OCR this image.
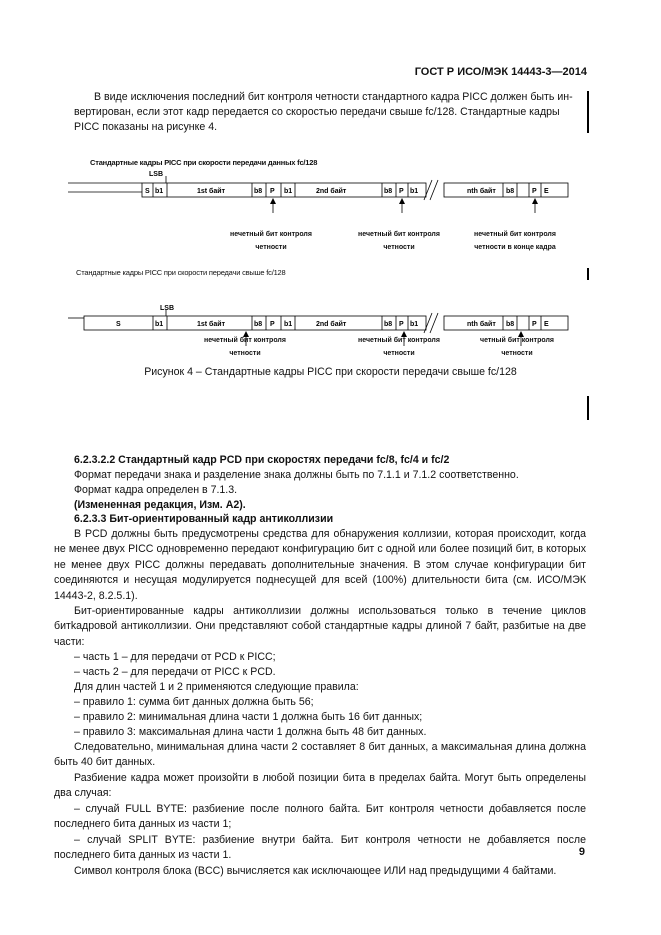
ГОСТ Р ИСО/МЭК 14443-3—2014
В виде исключения последний бит контроля четности стандартного кадра PICC должен быть ин-
вертирован, если этот кадр передается со скоростью передачи свыше fc/128. Стандартные кадры
PICC показаны на рисунке 4.
Стандартные кадры PICC при скорости передачи данных fc/128
Стандартные кадры PICC при скорости передачи свыше fc/128
LSB
S b1	1st байт	b8 P b1	2nd байт	b8 P b1	nth байт b8	P E
LSB
S	b1	1st байт	b8 P b1	2nd байт	b8 P b1	nth байт b8	P E
нечетный бит контроля
четности
нечетный бит контроля
четности
нечетный бит контроля
четности в конце кадра
нечетный бит контроля
четности
нечетный бит контроля
четности
четный бит контроля
четности
Рисунок 4 – Стандартные кадры PICC при скорости передачи свыше fc/128
6.2.3.2.2 Стандартный кадр PCD при скоростях передачи fc/8, fc/4 и fc/2
Формат передачи знака и разделение знака должны быть по 7.1.1 и 7.1.2 соответственно.
Формат кадра определен в 7.1.3.
(Измененная редакция, Изм. А2).
6.2.3.3 Бит-ориентированный кадр антиколлизии
В PCD должны быть предусмотрены средства для обнаружения коллизии, которая происходит, когда не менее двух PICC одновременно передают конфигурацию бит с одной или более позиций бит, в которых не менее двух PICC должны передавать дополнительные значения. В этом случае конфигурации бит соединяются и несущая модулируется поднесущей для всей (100%) длительности бита (см. ИСО/МЭК 14443-2, 8.2.5.1).
Бит-ориентированные кадры антиколлизии должны использоваться только в течение циклов битkадровой антиколлизии. Они представляют собой стандартные кадры длиной 7 байт, разбитые на две части:
– часть 1 – для передачи от PCD к PICC;
– часть 2 – для передачи от PICC к PCD.
Для длин частей 1 и 2 применяются следующие правила:
– правило 1: сумма бит данных должна быть 56;
– правило 2: минимальная длина части 1 должна быть 16 бит данных;
– правило 3: максимальная длина части 1 должна быть 48 бит данных.
Следовательно, минимальная длина части 2 составляет 8 бит данных, а максимальная длина должна быть 40 бит данных.
Разбиение кадра может произойти в любой позиции бита в пределах байта. Могут быть определены два случая:
– случай FULL BYTE: разбиение после полного байта. Бит контроля четности добавляется после последнего бита данных из части 1;
– случай SPLIT BYTE: разбиение внутри байта. Бит контроля четности не добавляется после последнего бита данных из части 1.
Символ контроля блока (BCC) вычисляется как исключающее ИЛИ над предыдущими 4 байтами.
9
